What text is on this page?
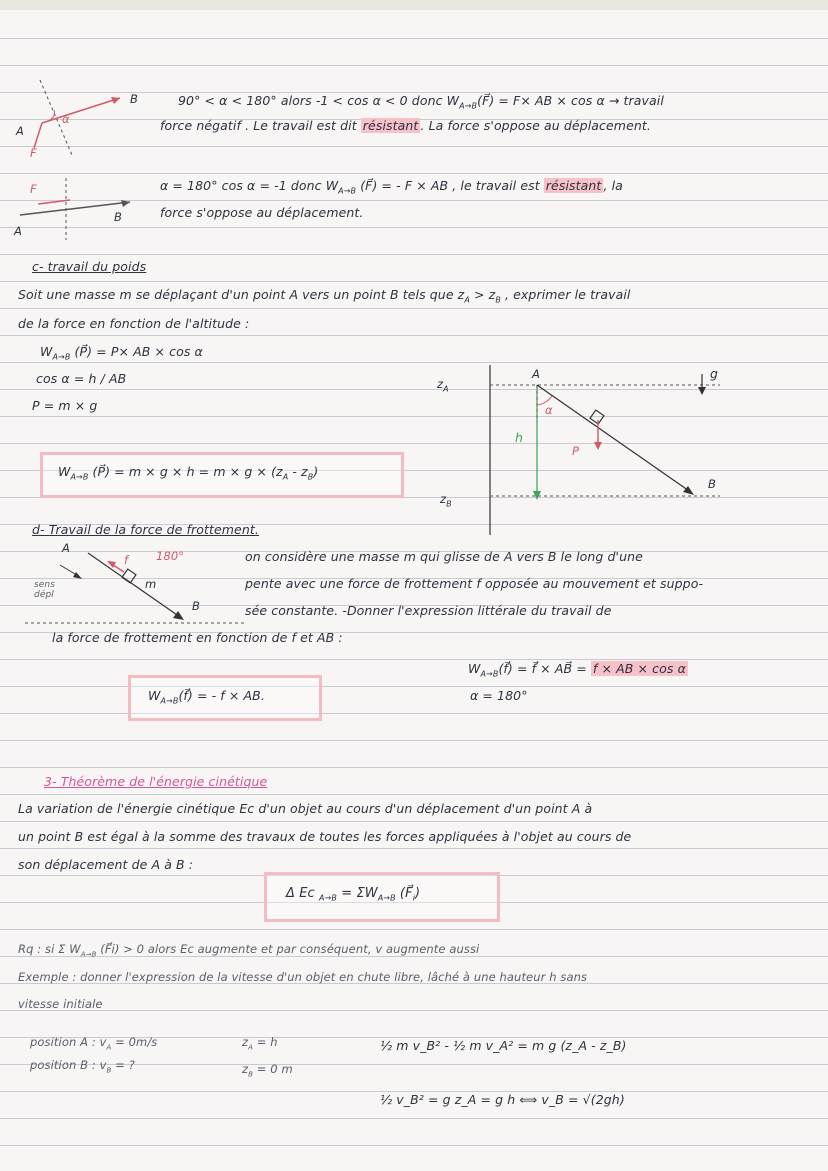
B
A
α
F
90° < α < 180° alors -1 < cos α < 0 donc $W_{A\to B}(F⃗) = F\times$ AB × cos α → travail
force négatif . Le travail est dit résistant . La force s'oppose au déplacement.
F
B
A
α = 180° cos α = -1 donc $W_{A\to B}$ (F⃗) = - F × AB , le travail est résistant , la
force s'oppose au déplacement.
c- travail du poids
Soit une masse m se déplaçant d'un point A vers un point B tels que $z_A > z_B$ , exprimer le travail
de la force en fonction de l'altitude :
$W_{A\to B}$ (P⃗) = P× AB × cos α
cos α = h / AB
P = m × g
$W_{A\to B}$ (P⃗) = $m \times g \times h = m \times g \times (z_A - z_B)$
$z_A$
$z_B$
A
B
h
α
P
g
d- Travail de la force de frottement.
A
180°
f
m
sens
dépl
B
on considère une masse m qui glisse de A vers B le long d'une
pente avec une force de frottement f opposée au mouvement et suppo-
sée constante. -Donner l'expression littérale du travail de
la force de frottement en fonction de f et AB :
$W_{A\to B}(f⃗)$ = f⃗ × AB⃗ = f × AB × cos α
α = 180°
$W_{A\to B}(f⃗)$ = - f × AB.
3- Théorème de l'énergie cinétique
La variation de l'énergie cinétique Ec d'un objet au cours d'un déplacement d'un point A à
un point B est égal à la somme des travaux de toutes les forces appliquées à l'objet au cours de
son déplacement de A à B :
Δ Ec $_{A\to B} = \Sigma W_{A\to B}$ $(F⃗_i)$
Rq : si Σ $W_{A\to B}$ (F⃗i) > 0 alors Ec augmente et par conséquent, v augmente aussi
Exemple : donner l'expression de la vitesse d'un objet en chute libre, lâché à une hauteur h sans
vitesse initiale
position A : $v_A = 0m/s$	$z_A = h$
position B : $v_B$ = ?	$z_B = 0$ m
½ m v_B² - ½ m v_A² = m g (z_A - z_B)
½ v_B² = g z_A = g h ⟺ v_B = √(2gh)
